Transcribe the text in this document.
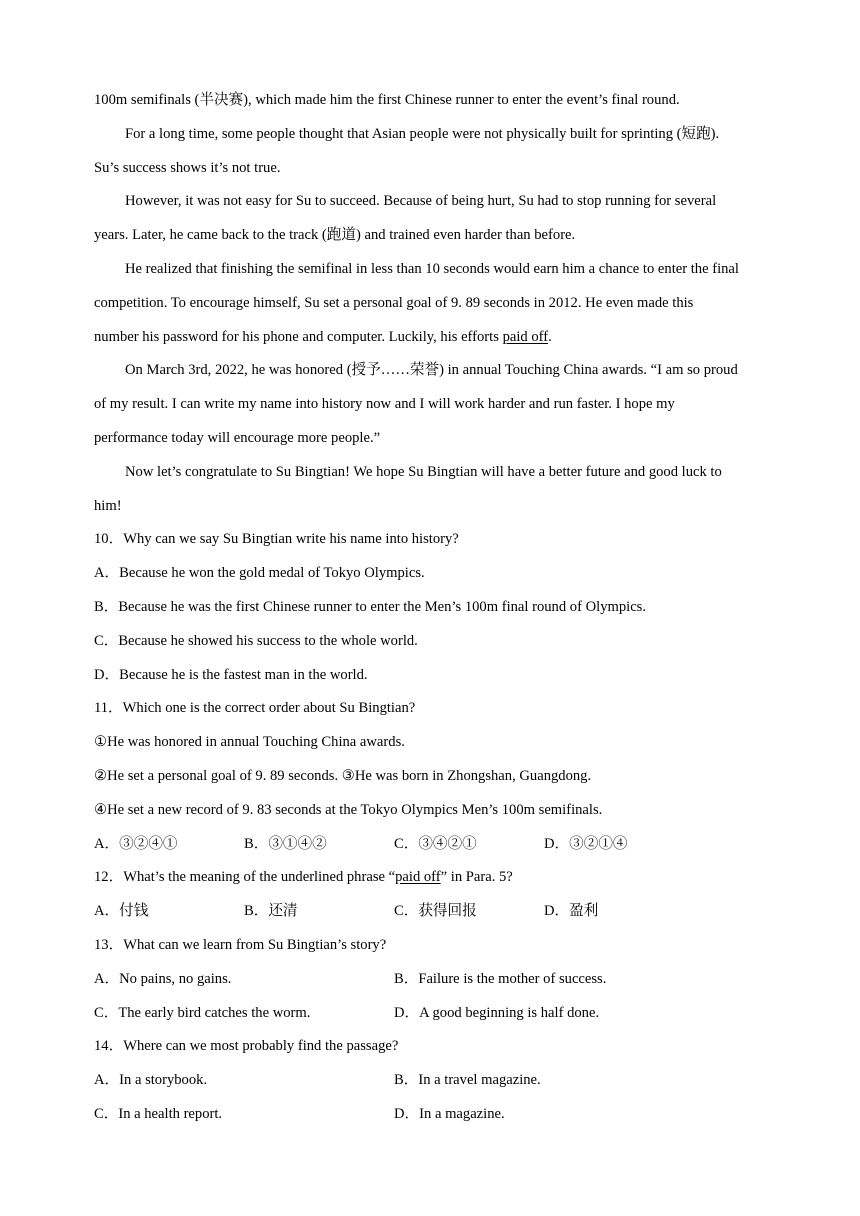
100m semifinals (半决赛), which made him the first Chinese runner to enter the event’s final round.
For a long time, some people thought that Asian people were not physically built for sprinting (短跑).
Su’s success shows it’s not true.
However, it was not easy for Su to succeed. Because of being hurt, Su had to stop running for several
years. Later, he came back to the track (跑道) and trained even harder than before.
He realized that finishing the semifinal in less than 10 seconds would earn him a chance to enter the final
competition. To encourage himself, Su set a personal goal of 9. 89 seconds in 2012. He even made this
number his password for his phone and computer. Luckily, his efforts paid off.
On March 3rd, 2022, he was honored (授予……荣誉) in annual Touching China awards. “I am so proud
of my result. I can write my name into history now and I will work harder and run faster. I hope my
performance today will encourage more people.”
Now let’s congratulate to Su Bingtian! We hope Su Bingtian will have a better future and good luck to
him!
10．Why can we say Su Bingtian write his name into history?
A．Because he won the gold medal of Tokyo Olympics.
B．Because he was the first Chinese runner to enter the Men’s 100m final round of Olympics.
C．Because he showed his success to the whole world.
D．Because he is the fastest man in the world.
11．Which one is the correct order about Su Bingtian?
①He was honored in annual Touching China awards.
②He set a personal goal of 9. 89 seconds. ③He was born in Zhongshan, Guangdong.
④He set a new record of 9. 83 seconds at the Tokyo Olympics Men’s 100m semifinals.
A．③②④①	B．③①④②	C．③④②①	D．③②①④
12．What’s the meaning of the underlined phrase “paid off” in Para. 5?
A．付钱	B．还清	C．获得回报	D．盈利
13．What can we learn from Su Bingtian’s story?
A．No pains, no gains.	B．Failure is the mother of success.
C．The early bird catches the worm.	D．A good beginning is half done.
14．Where can we most probably find the passage?
A．In a storybook.	B．In a travel magazine.
C．In a health report.	D．In a magazine.
